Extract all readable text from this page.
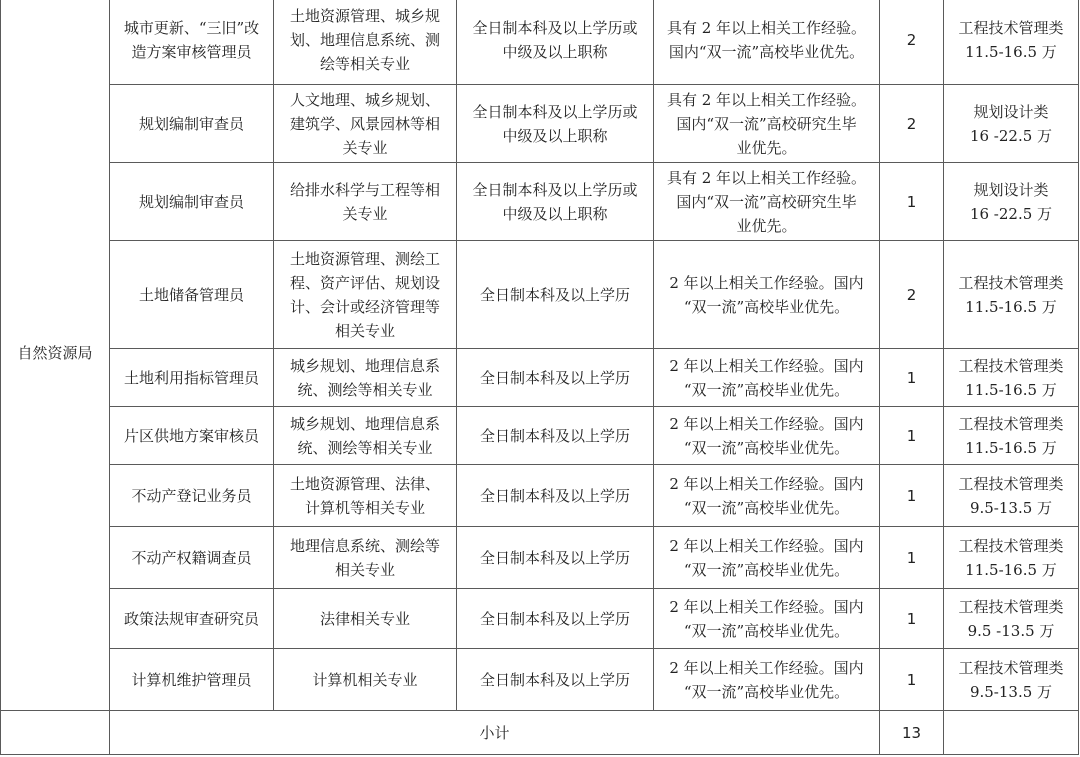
自然资源局	城市更新、“三旧”改
造方案审核管理员	土地资源管理、城乡规
划、地理信息系统、测
绘等相关专业	全日制本科及以上学历或
中级及以上职称	具有 2 年以上相关工作经验。
国内“双一流”高校毕业优先。	2	工程技术管理类
11.5-16.5 万

	规划编制审查员	人文地理、城乡规划、
建筑学、风景园林等相
关专业	全日制本科及以上学历或
中级及以上职称	具有 2 年以上相关工作经验。
国内“双一流”高校研究生毕
业优先。	2	规划设计类
16 -22.5 万

	规划编制审查员	给排水科学与工程等相
关专业	全日制本科及以上学历或
中级及以上职称	具有 2 年以上相关工作经验。
国内“双一流”高校研究生毕
业优先。	1	规划设计类
16 -22.5 万

	土地储备管理员	土地资源管理、测绘工
程、资产评估、规划设
计、会计或经济管理等
相关专业	全日制本科及以上学历	2 年以上相关工作经验。国内
“双一流”高校毕业优先。	2	工程技术管理类
11.5-16.5 万

	土地利用指标管理员	城乡规划、地理信息系
统、测绘等相关专业	全日制本科及以上学历	2 年以上相关工作经验。国内
“双一流”高校毕业优先。	1	工程技术管理类
11.5-16.5 万

	片区供地方案审核员	城乡规划、地理信息系
统、测绘等相关专业	全日制本科及以上学历	2 年以上相关工作经验。国内
“双一流”高校毕业优先。	1	工程技术管理类
11.5-16.5 万

	不动产登记业务员	土地资源管理、法律、
计算机等相关专业	全日制本科及以上学历	2 年以上相关工作经验。国内
“双一流”高校毕业优先。	1	工程技术管理类
9.5-13.5 万

	不动产权籍调查员	地理信息系统、测绘等
相关专业	全日制本科及以上学历	2 年以上相关工作经验。国内
“双一流”高校毕业优先。	1	工程技术管理类
11.5-16.5 万

	政策法规审查研究员	法律相关专业	全日制本科及以上学历	2 年以上相关工作经验。国内
“双一流”高校毕业优先。	1	工程技术管理类
9.5 -13.5 万

	计算机维护管理员	计算机相关专业	全日制本科及以上学历	2 年以上相关工作经验。国内
“双一流”高校毕业优先。	1	工程技术管理类
9.5-13.5 万

	小计				13	
